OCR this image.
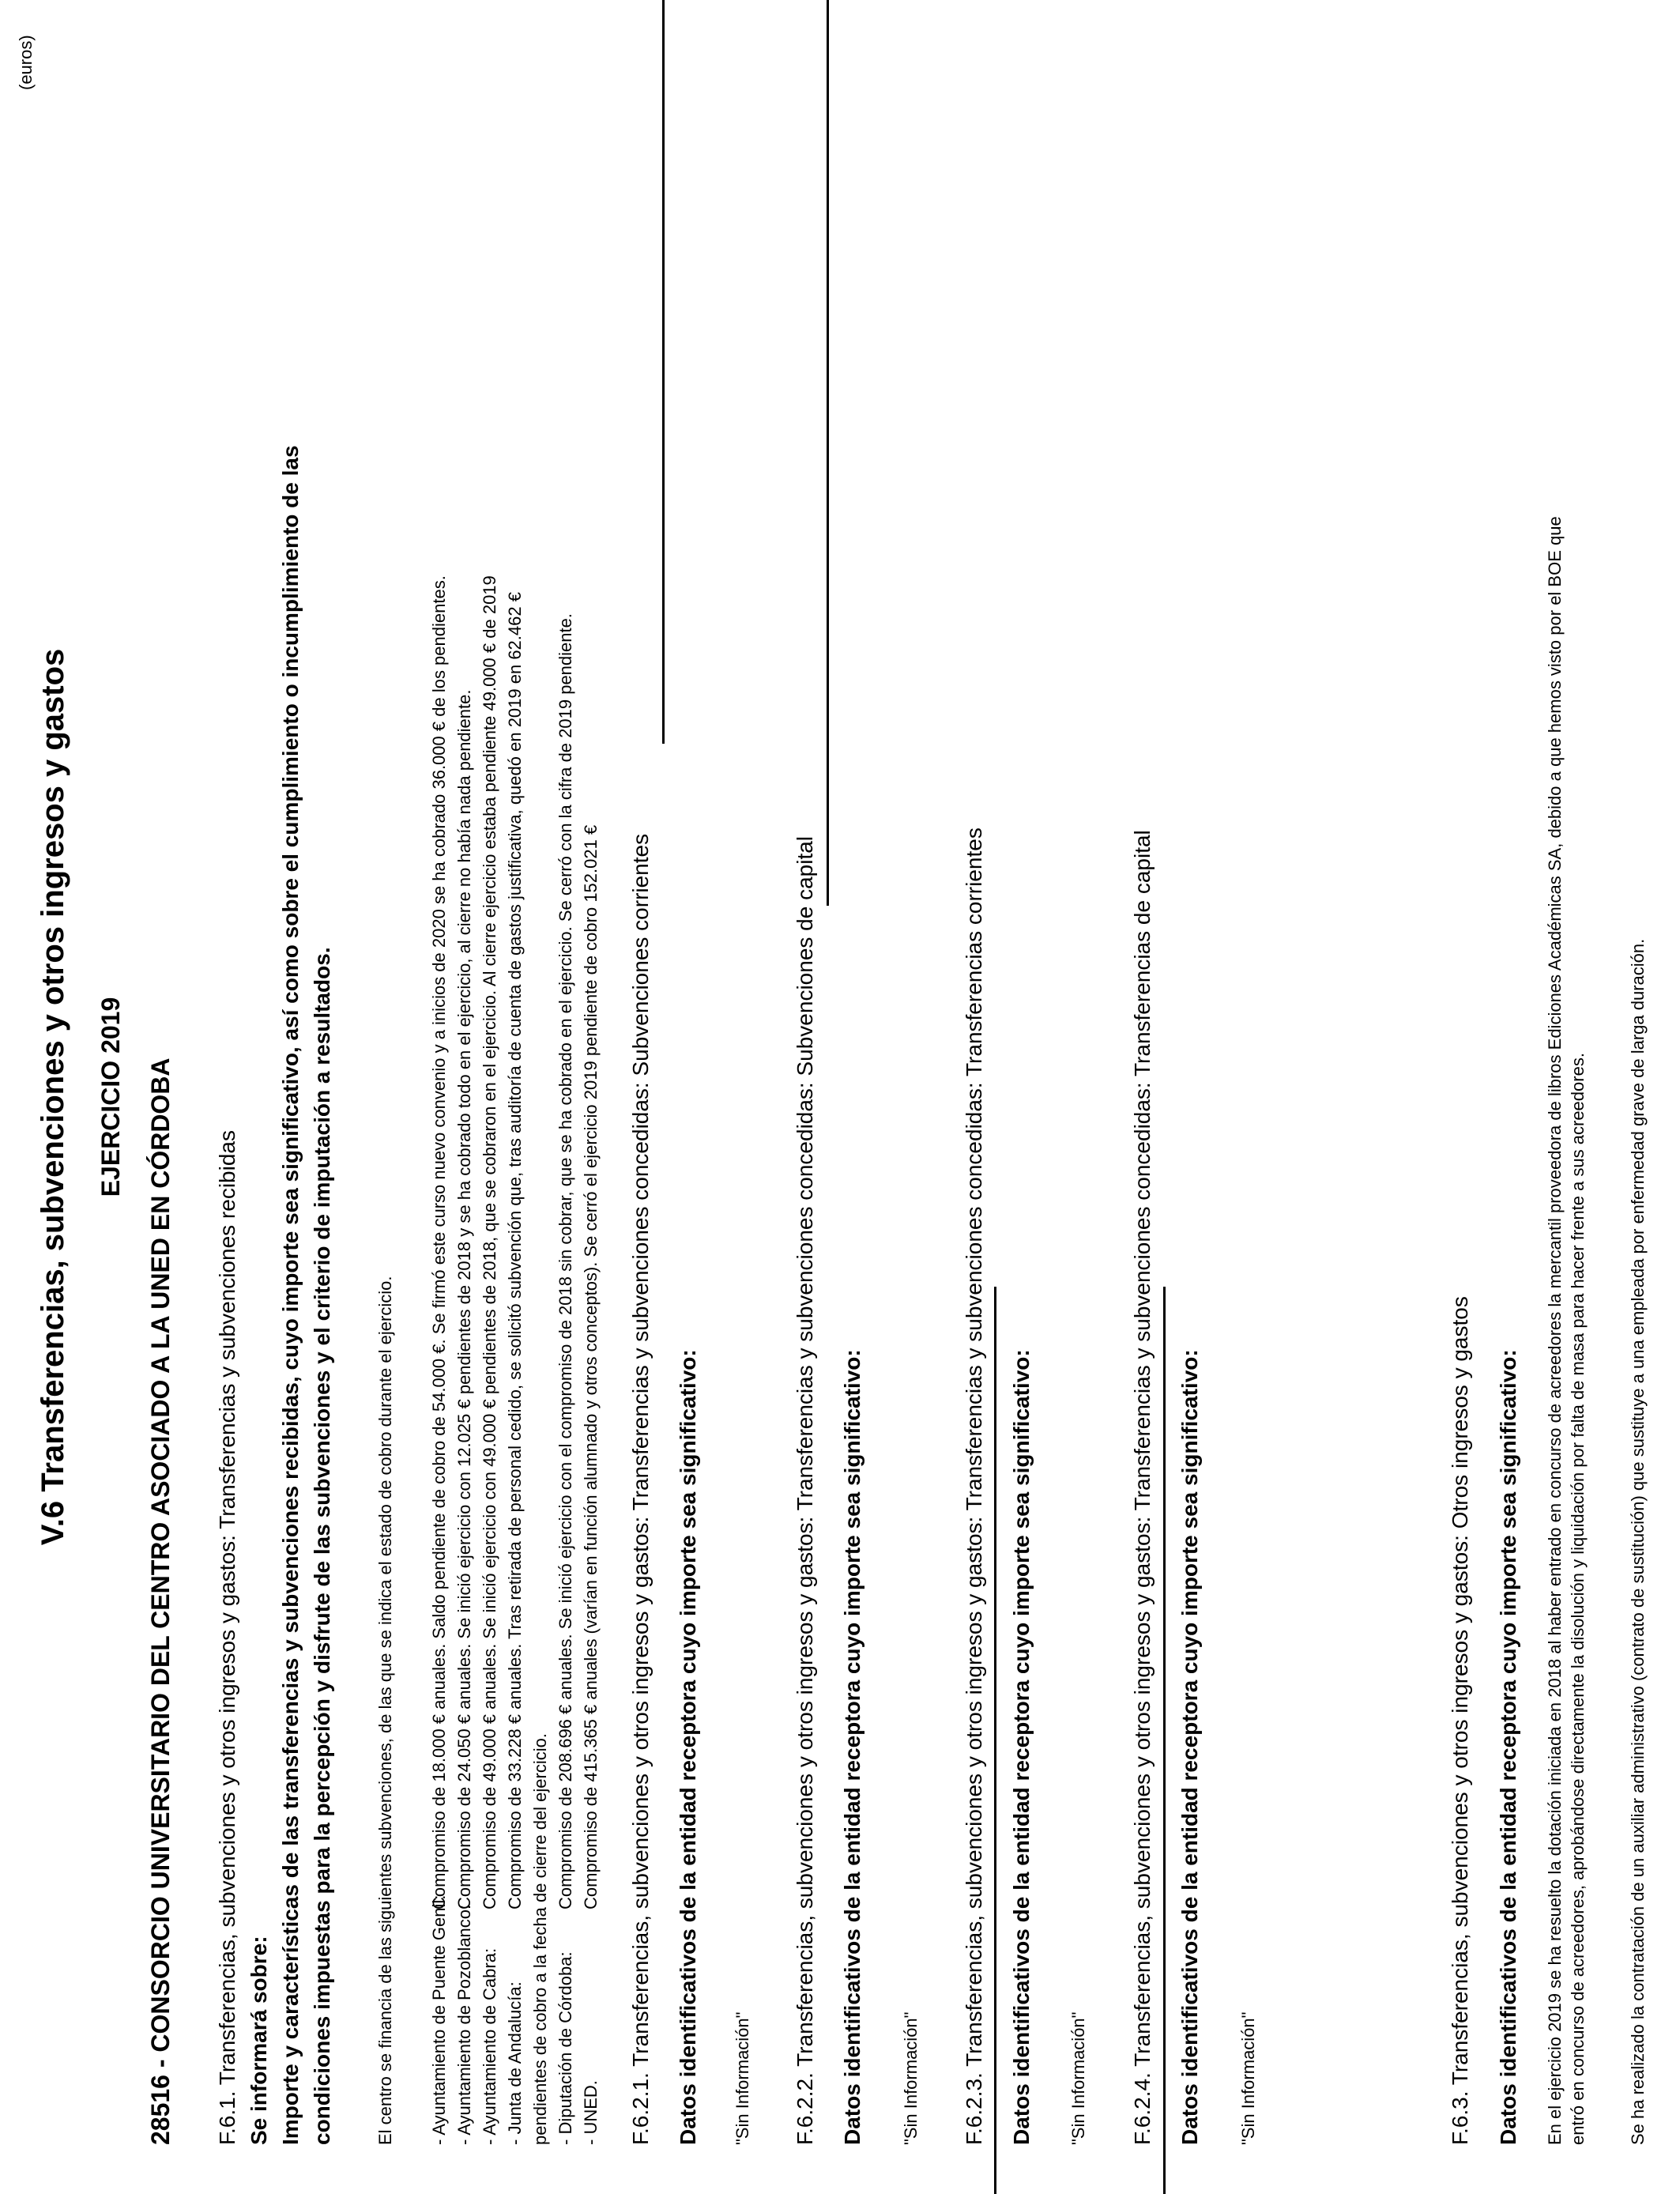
V.6 Transferencias, subvenciones y otros ingresos y gastos EJERCICIO 2019 28516 - CONSORCIO UNIVERSITARIO DEL CENTRO ASOCIADO A LA UNED EN CÓRDOBA
(euros)
F.6.1. Transferencias, subvenciones y otros ingresos y gastos: Transferencias y subvenciones recibidas Se informará sobre: Importe y características de las transferencias y subvenciones recibidas, cuyo importe sea significativo, así como sobre el cumplimiento o incumplimiento de las condiciones impuestas para la percepción y disfrute de las subvenciones y el criterio de imputación a resultados. El centro se financia de las siguientes subvenciones, de las que se indica el estado de cobro durante el ejercicio. - Ayuntamiento de Puente Genil:
Compromiso de 18.000 € anuales. Saldo pendiente de cobro de 54.000 €. Se firmó este curso nuevo convenio y a inicios de 2020 se ha cobrado 36.000 € de los pendientes.
- Ayuntamiento de Pozoblanco:
Compromiso de 24.050 € anuales. Se inició ejercicio con 12.025 € pendientes de 2018 y se ha cobrado todo en el ejercicio, al cierre no había nada pendiente.
- Ayuntamiento de Cabra:
Compromiso de 49.000 € anuales. Se inició ejercicio con 49.000 € pendientes de 2018, que se cobraron en el ejercicio. Al cierre ejercicio estaba pendiente 49.000 € de 2019
- Junta de Andalucía:
Compromiso de 33.228 € anuales. Tras retirada de personal cedido, se solicitó subvención que, tras auditoría de cuenta de gastos justificativa, quedó en 2019 en 62.462 €
pendientes de cobro a la fecha de cierre del ejercicio. - Diputación de Córdoba:
Compromiso de 208.696 € anuales. Se inició ejercicio con el compromiso de 2018 sin cobrar, que se ha cobrado en el ejercicio. Se cerró con la cifra de 2019 pendiente.
- UNED.
Compromiso de 415.365 € anuales (varían en función alumnado y otros conceptos). Se cerró el ejercicio 2019 pendiente de cobro 152.021 € F.6.2.1. Transferencias, subvenciones y otros ingresos y gastos: Transferencias y subvenciones concedidas: Subvenciones corrientes Datos identificativos de la entidad receptora cuyo importe sea significativo: "Sin Información" F.6.2.2. Transferencias, subvenciones y otros ingresos y gastos: Transferencias y subvenciones concedidas: Subvenciones de capital Datos identificativos de la entidad receptora cuyo importe sea significativo: "Sin Información" F.6.2.3. Transferencias, subvenciones y otros ingresos y gastos: Transferencias y subvenciones concedidas: Transferencias corrientes Datos identificativos de la entidad receptora cuyo importe sea significativo: "Sin Información" F.6.2.4. Transferencias, subvenciones y otros ingresos y gastos: Transferencias y subvenciones concedidas: Transferencias de capital Datos identificativos de la entidad receptora cuyo importe sea significativo: "Sin Información"	F.6.3. Transferencias, subvenciones y otros ingresos y gastos: Otros ingresos y gastos Datos identificativos de la entidad receptora cuyo importe sea significativo: En el ejercicio 2019 se ha resuelto la dotación iniciada en 2018 al haber entrado en concurso de acreedores la mercantil proveedora de libros Ediciones Académicas SA, debido a que hemos visto por el BOE que entró en concurso de acreedores, aprobándose directamente la disolución y liquidación por falta de masa para hacer frente a sus acreedores. Se ha realizado la contratación de un auxiliar administrativo (contrato de sustitución) que sustituye a una empleada por enfermedad grave de larga duración.
